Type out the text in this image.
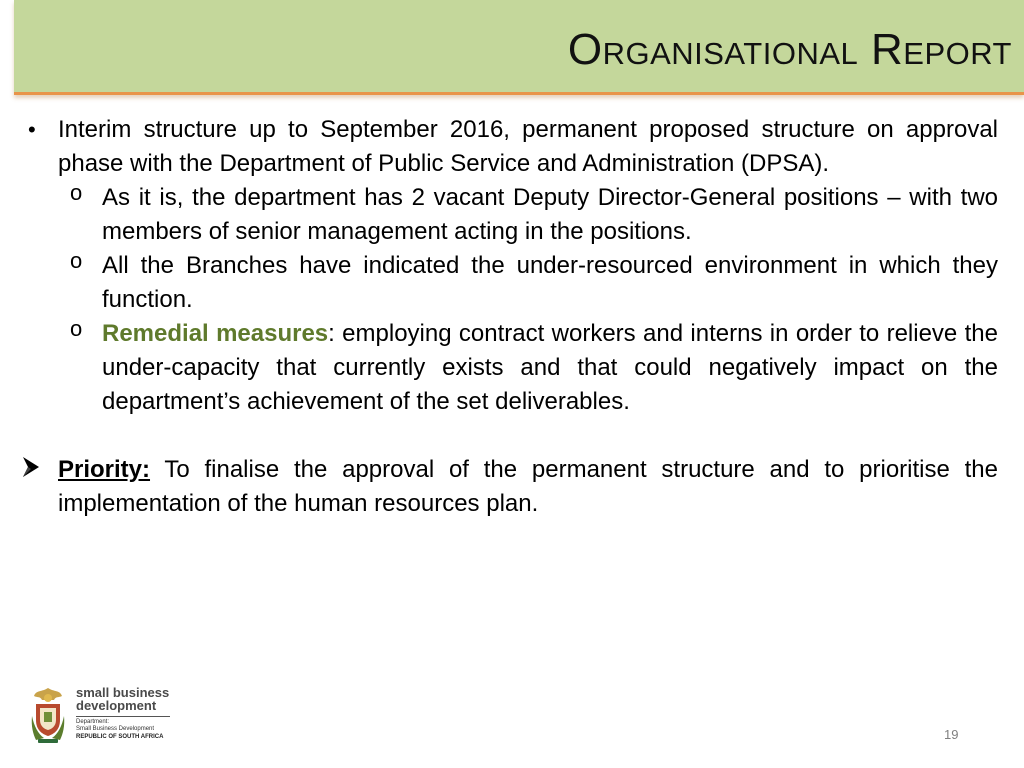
Organisational Report
• Interim structure up to September 2016, permanent proposed structure on approval phase with the Department of Public Service and Administration (DPSA).
o As it is, the department has 2 vacant Deputy Director-General positions – with two members of senior management acting in the positions.
o All the Branches have indicated the under-resourced environment in which they function.
o Remedial measures: employing contract workers and interns in order to relieve the under-capacity that currently exists and that could negatively impact on the department’s achievement of the set deliverables.
Priority: To finalise the approval of the permanent structure and to prioritise the implementation of the human resources plan.
small business
development
Department:
Small Business Development
REPUBLIC OF SOUTH AFRICA	19
